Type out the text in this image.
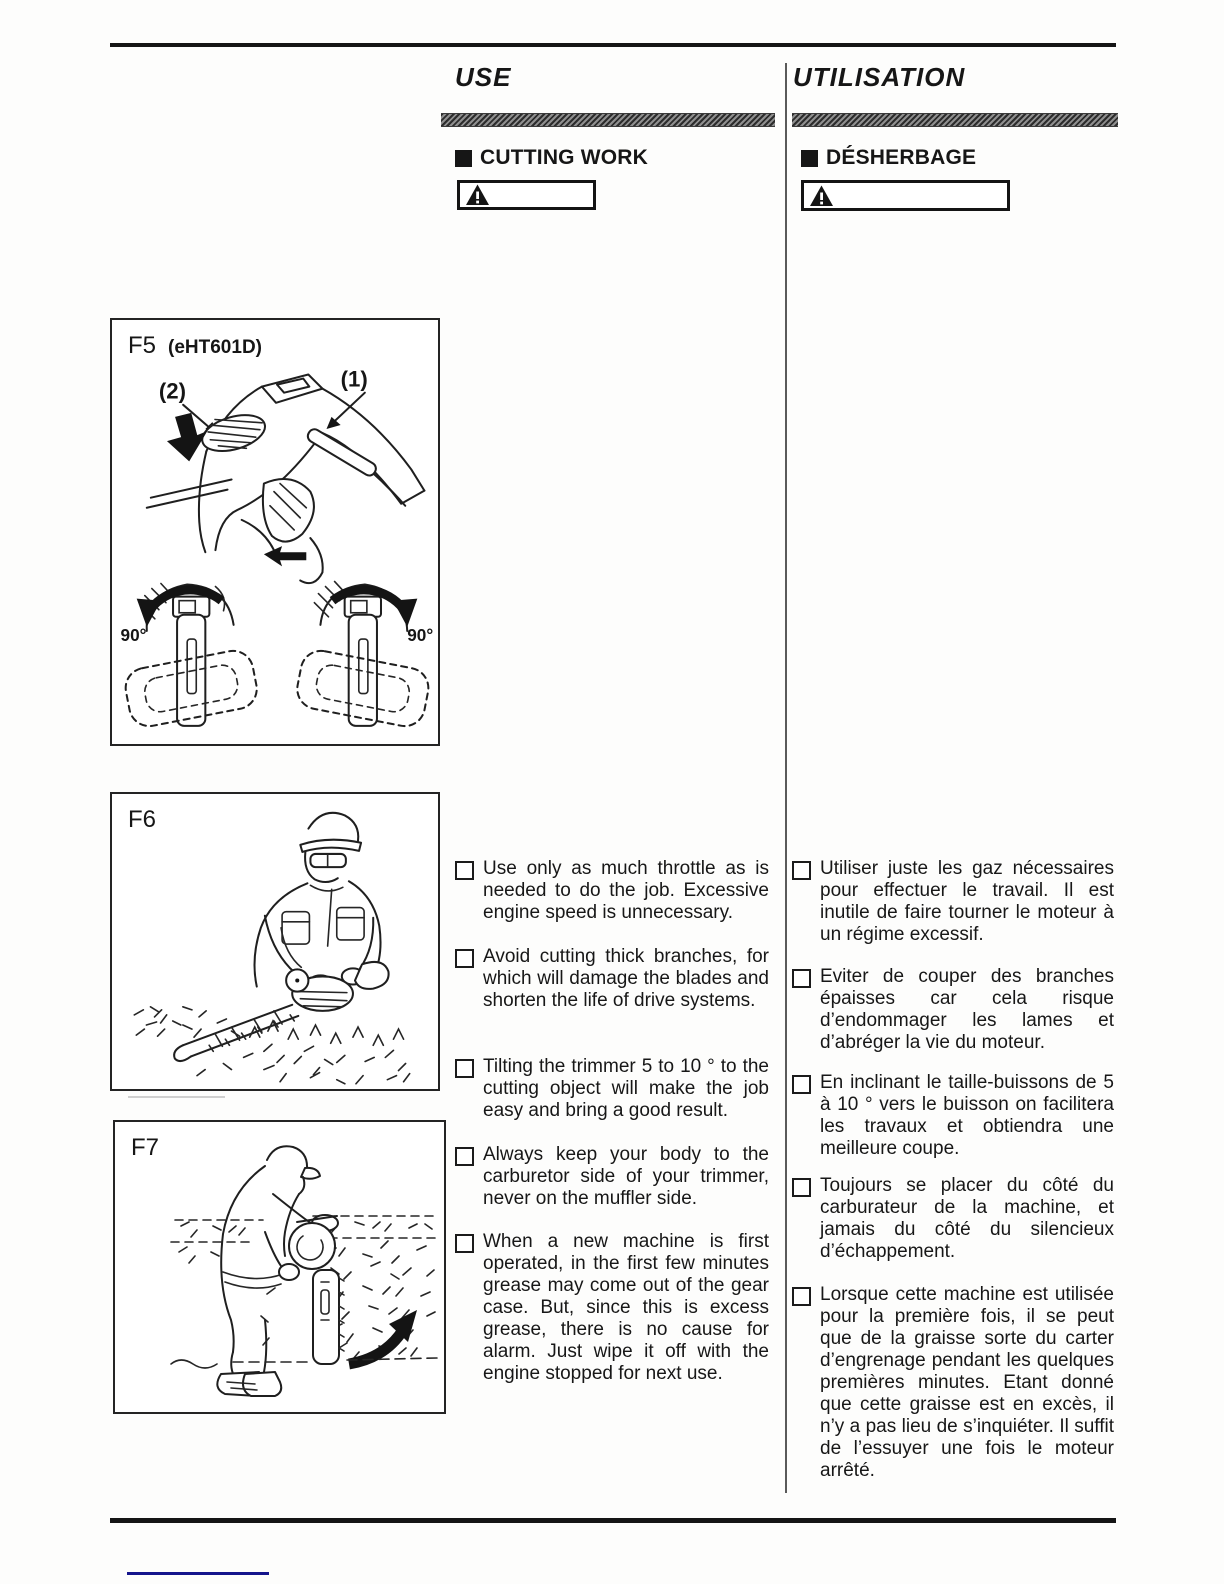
USE	UTILISATION
CUTTING WORK	DÉSHERBAGE
F5 (eHT601D)
(2)	(1)
90°	90°
F6
F7

Use only as much throttle as is needed to do the job. Excessive engine speed is unnecessary.

Avoid cutting thick branches, for which will damage the blades and shorten the life of drive systems.

Tilting the trimmer 5 to 10 ° to the cutting object will make the job easy and bring a good result.

Always keep your body to the carburetor side of your trimmer, never on the muffler side.

When a new machine is first operated, in the first few minutes grease may come out of the gear case. But, since this is excess grease, there is no cause for alarm. Just wipe it off with the engine stopped for next use.

Utiliser juste les gaz nécessaires pour effectuer le travail. Il est inutile de faire tourner le moteur à un régime excessif.

Eviter de couper des branches épaisses car cela risque d’endommager les lames et d’abréger la vie du moteur.

En inclinant le taille-buissons de 5 à 10 ° vers le buisson on facilitera les travaux et obtiendra une meilleure coupe.

Toujours se placer du côté du carburateur de la machine, et jamais du côté du silencieux d’échappement.

Lorsque cette machine est utilisée pour la première fois, il se peut que de la graisse sorte du carter d’engrenage pendant les quelques premières minutes. Etant donné que cette graisse est en excès, il n’y a pas lieu de s’inquiéter. Il suffit de l’essuyer une fois le moteur arrêté.
